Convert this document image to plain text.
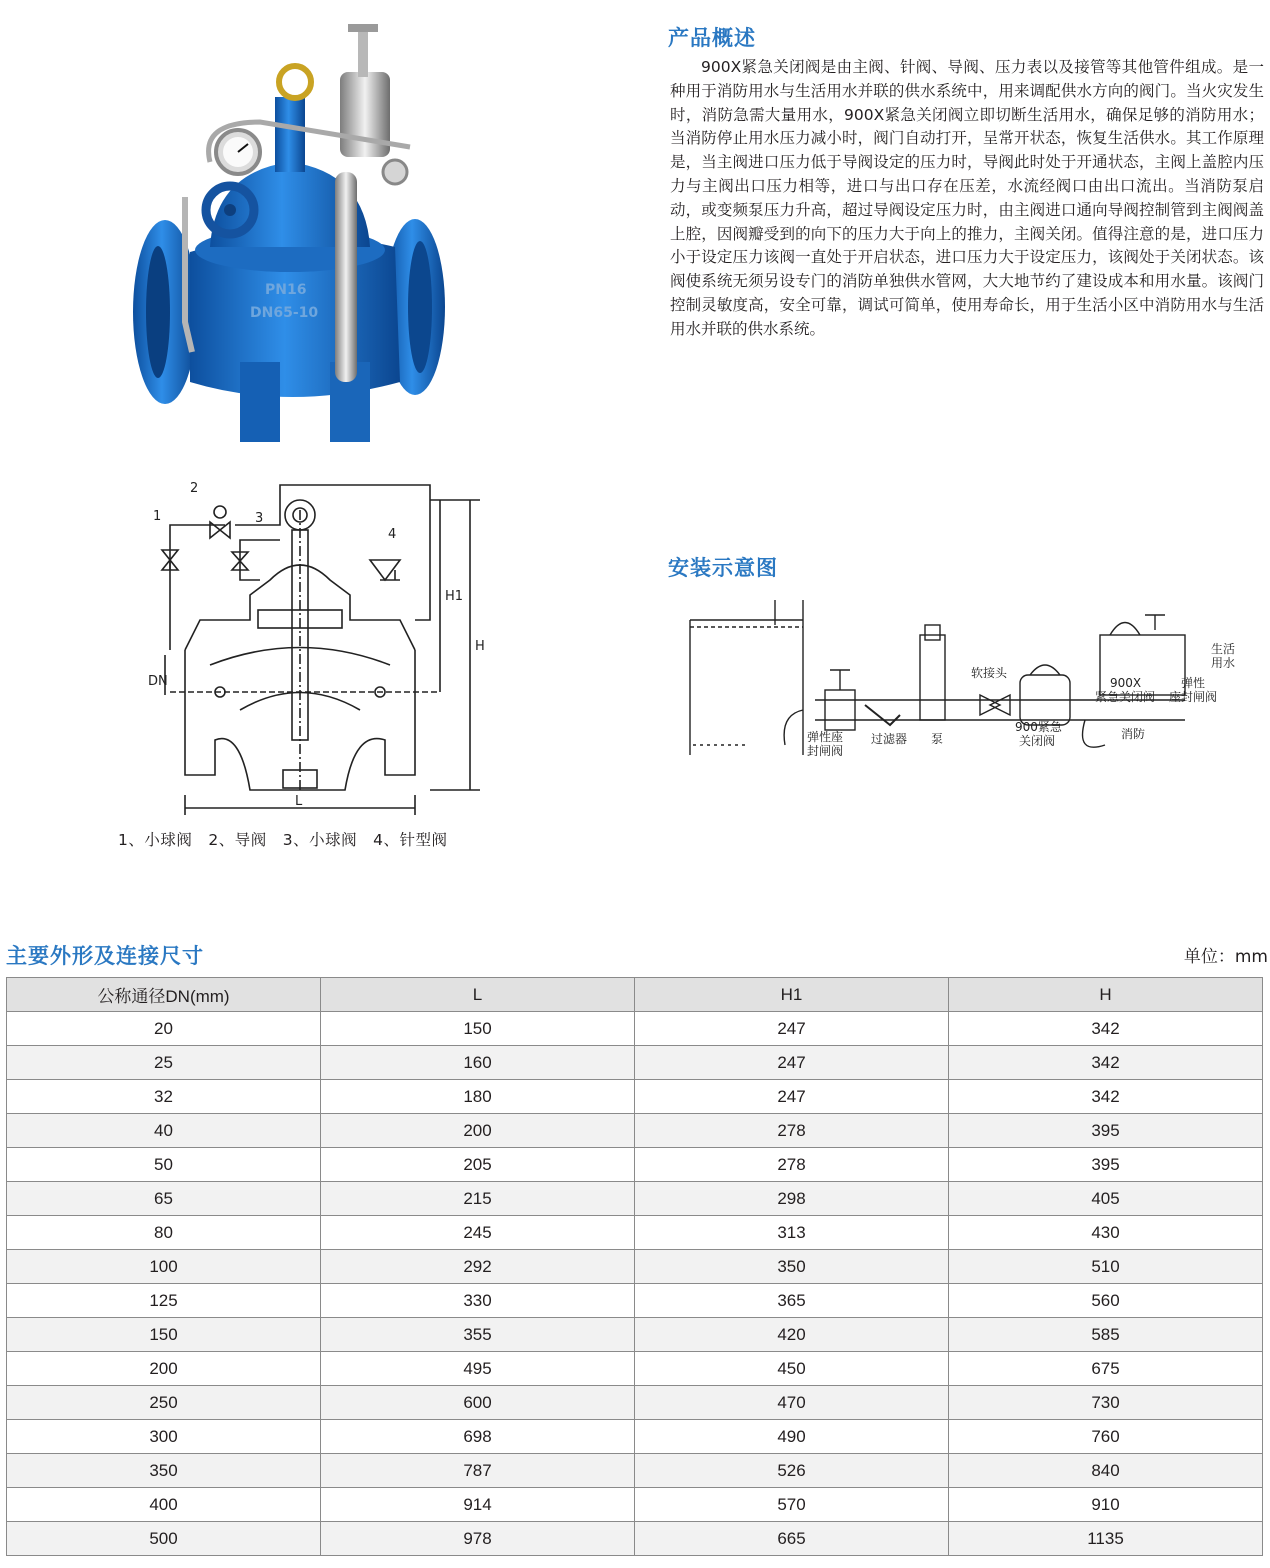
PN16
DN65-10
产品概述

900X紧急关闭阀是由主阀、针阀、导阀、压力表以及接管等其他管件组成。是一种用于消防用水与生活用水并联的供水系统中，用来调配供水方向的阀门。当火灾发生时，消防急需大量用水，900X紧急关闭阀立即切断生活用水，确保足够的消防用水；当消防停止用水压力减小时，阀门自动打开，呈常开状态，恢复生活供水。其工作原理是，当主阀进口压力低于导阀设定的压力时，导阀此时处于开通状态，主阀上盖腔内压力与主阀出口压力相等，进口与出口存在压差，水流经阀口由出口流出。当消防泵启动，或变频泵压力升高，超过导阀设定压力时，由主阀进口通向导阀控制管到主阀阀盖上腔，因阀瓣受到的向下的压力大于向上的推力，主阀关闭。值得注意的是，进口压力小于设定压力该阀一直处于开启状态，进口压力大于设定压力，该阀处于关闭状态。该阀使系统无须另设专门的消防单独供水管网，大大地节约了建设成本和用水量。该阀门控制灵敏度高，安全可靠，调试可简单，使用寿命长，用于生活小区中消防用水与生活用水并联的供水系统。

1
2
3
4
H1
H
DN
L
1、小球阀　2、导阀　3、小球阀　4、针型阀
安装示意图
弹性座
封闸阀
过滤器 泵
软接头
900紧急
关闭阀
900X
紧急关闭阀
弹性
座封闸阀
生活
用水
消防
主要外形及连接尺寸	单位：mm
公称通径DN(mm)	L	H1	H
20	150	247	342
25	160	247	342
32	180	247	342
40	200	278	395
50	205	278	395
65	215	298	405
80	245	313	430
100	292	350	510
125	330	365	560
150	355	420	585
200	495	450	675
250	600	470	730
300	698	490	760
350	787	526	840
400	914	570	910
500	978	665	1135
